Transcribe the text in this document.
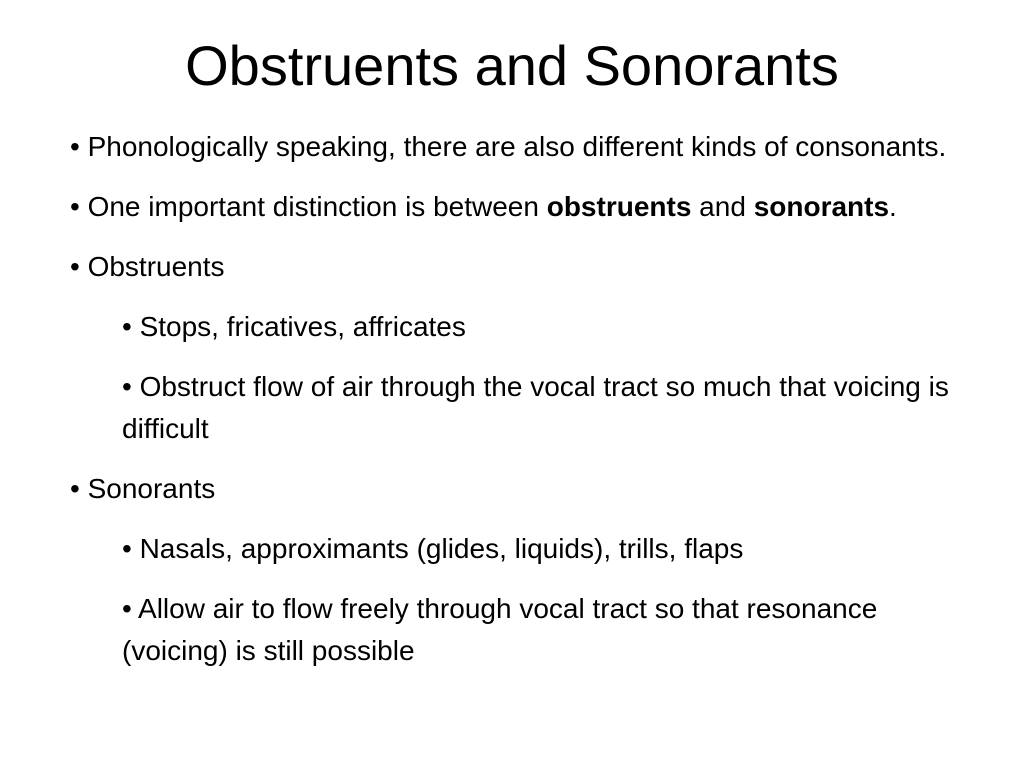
Obstruents and Sonorants

• Phonologically speaking, there are also different kinds of consonants.

• One important distinction is between obstruents and sonorants.

• Obstruents

• Stops, fricatives, affricates

• Obstruct flow of air through the vocal tract so much that voicing is difficult

• Sonorants

• Nasals, approximants (glides, liquids), trills, flaps

• Allow air to flow freely through vocal tract so that resonance (voicing) is still possible
